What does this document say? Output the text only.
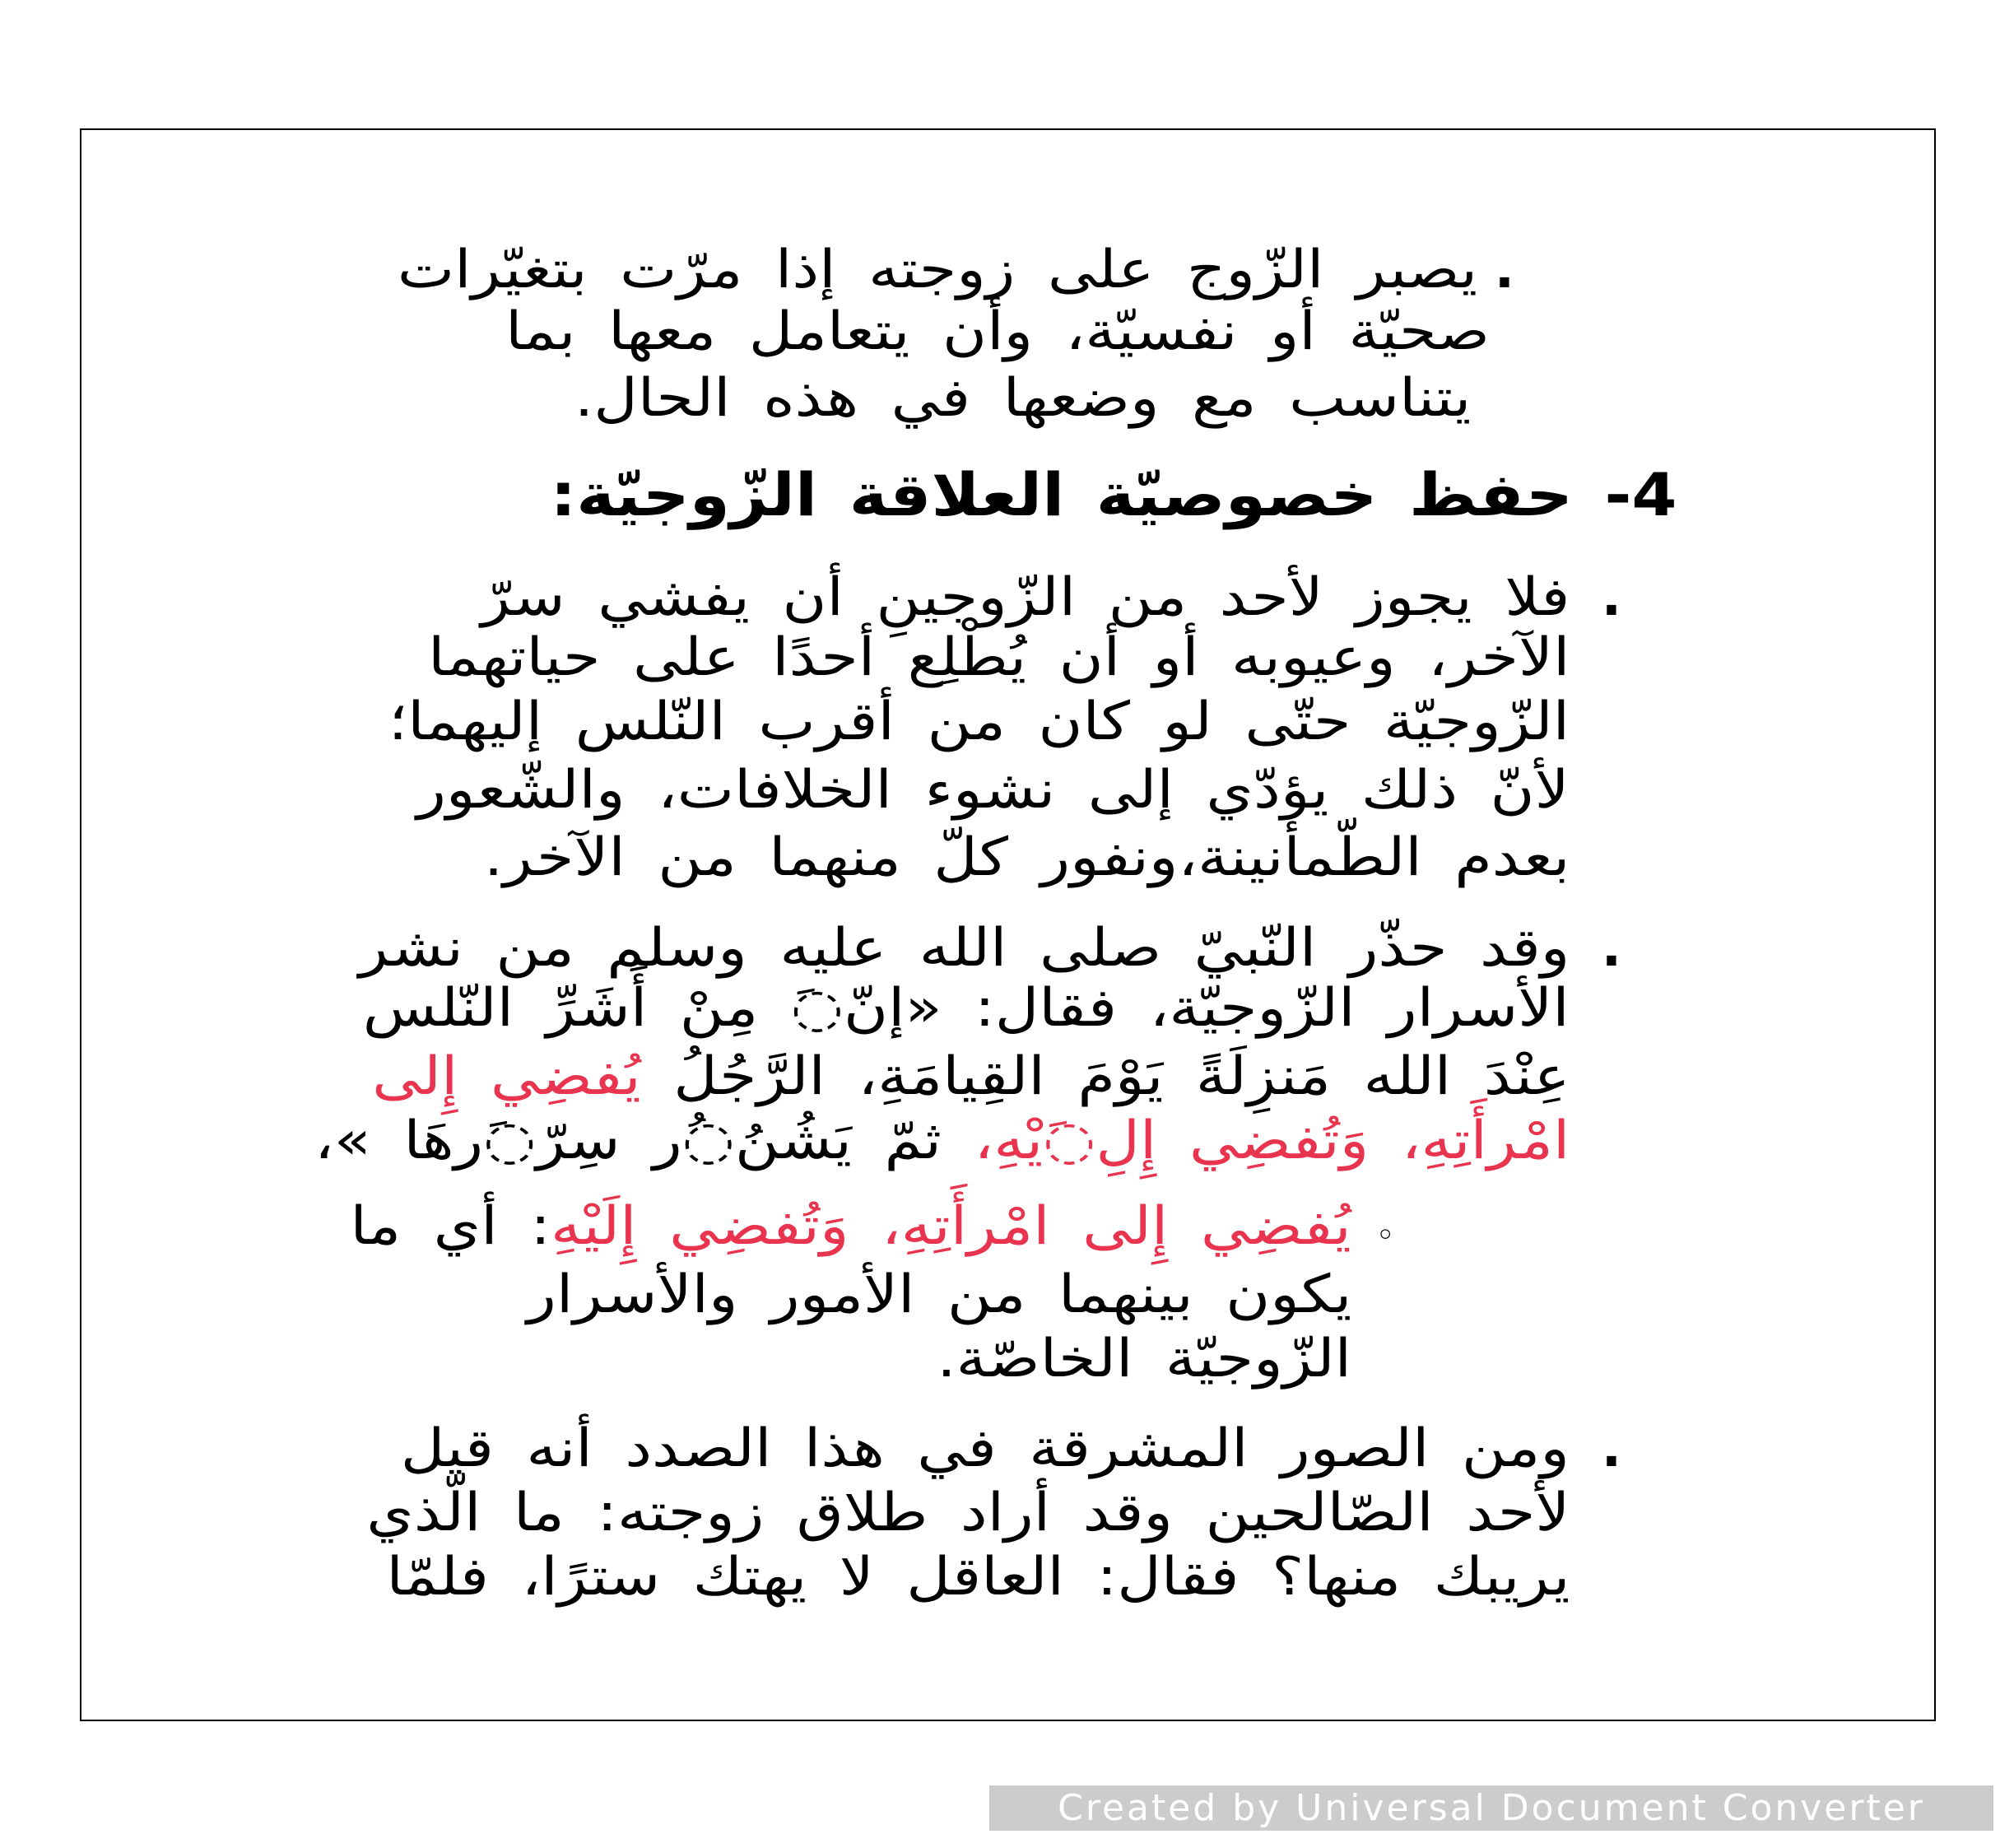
.
يصبر الزّوج على زوجته إذا مرّت بتغيّرات
صحيّة أو نفسيّة، وأن يتعامل معها بما
يتناسب مع وضعها في هذه الحال.
4- حفظ خصوصيّة العلاقة الزّوجيّة:
.
فلا يجوز لأحد من الزّوجينِ أن يفشي سرّ
الآخر، وعيوبه أو أن يُطْلِع أحدًا على حياتهما
الزّوجيّة حتّى لو كان من أقرب النّلس إليهما؛
لأنّ ذلك يؤدّي إلى نشوء الخلافات، والشّعور
بعدم الطّمأنينة،ونفور كلّ منهما من الآخر.
.
وقد حذّر النّبيّ صلى الله عليه وسلم من نشر
الأسرار الزّوجيّة، فقال: «إنّ◌َ مِنْ أَشَرِّ النّلس
عِنْدَ الله مَنزِلَةً يَوْمَ القِيامَةِ، الرَّجُلُ يُفضِي إِلى
امْرأَتِهِ، وَتُفضِي إِلِ◌َيْهِ، ثمّ يَشُنُ◌ُر سِرّ◌َرهَا »،
◦
يُفضِي إِلى امْرأَتِهِ، وَتُفضِي إِلَيْهِ: أي ما
يكون بينهما من الأمور والأسرار
الزّوجيّة الخاصّة.
.
ومن الصور المشرقة في هذا الصدد أنه قيل
لأحد الصّالحين وقد أراد طلاق زوجته: ما الّذي
يريبك منها؟ فقال: العاقل لا يهتك سترًا، فلمّا
Created by Universal Document Converter
